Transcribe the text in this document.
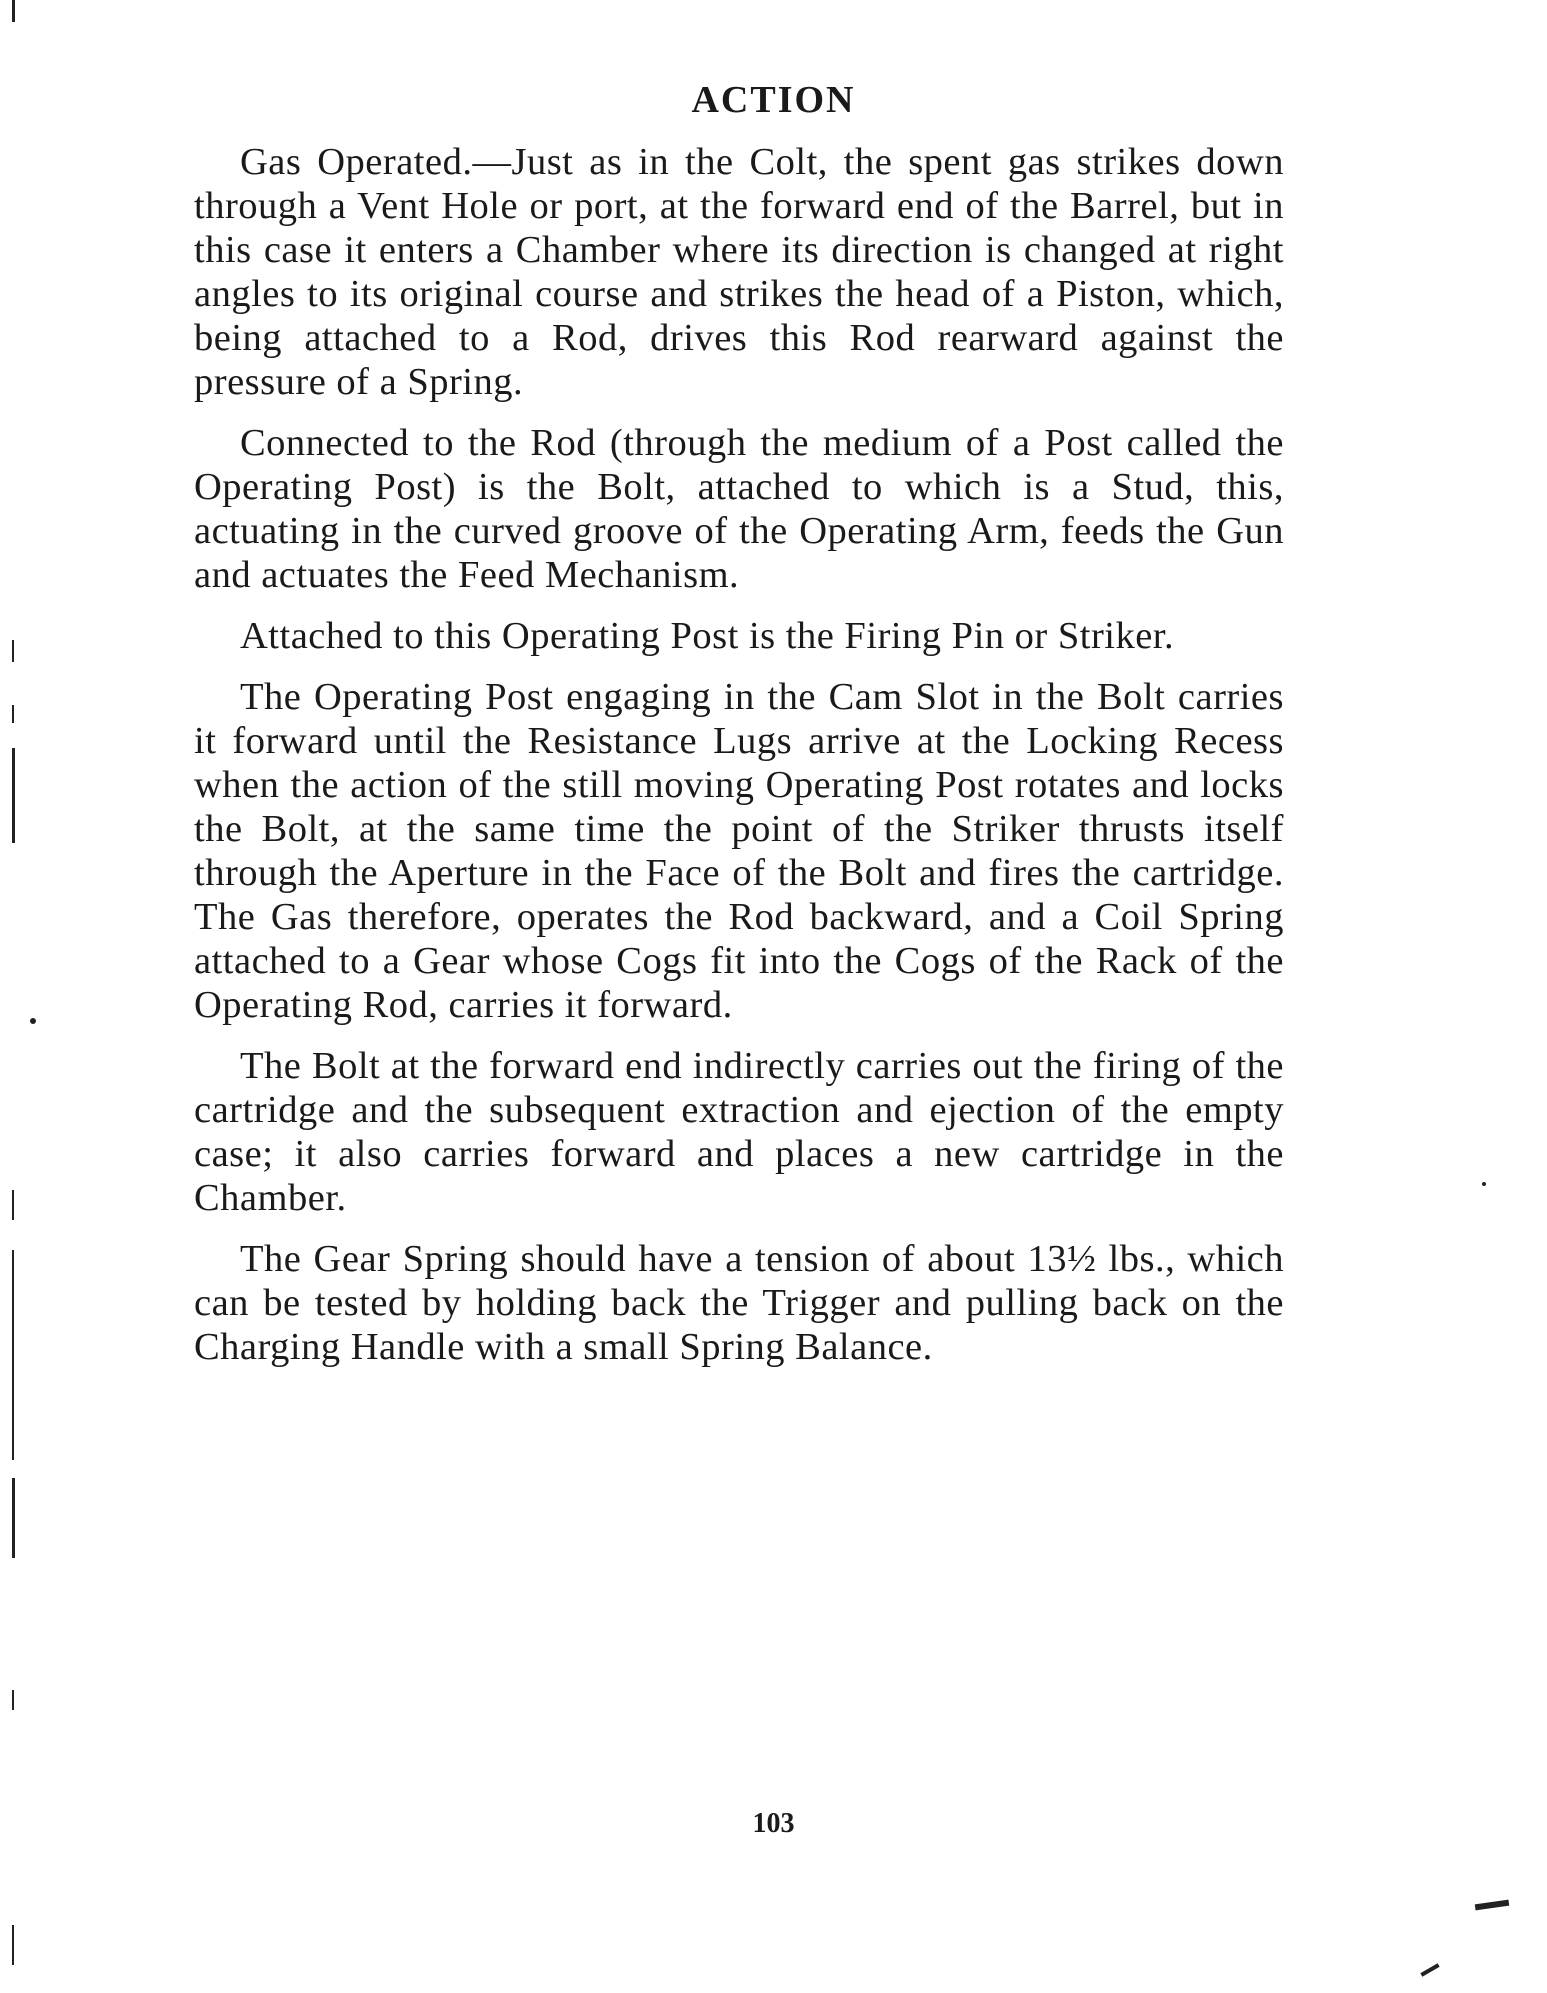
ACTION

Gas Operated.—Just as in the Colt, the spent gas strikes down through a Vent Hole or port, at the forward end of the Barrel, but in this case it enters a Chamber where its direction is changed at right angles to its original course and strikes the head of a Piston, which, being attached to a Rod, drives this Rod rearward against the pressure of a Spring.

Connected to the Rod (through the medium of a Post called the Operating Post) is the Bolt, attached to which is a Stud, this, actuating in the curved groove of the Operating Arm, feeds the Gun and actuates the Feed Mechanism.

Attached to this Operating Post is the Firing Pin or Striker.

The Operating Post engaging in the Cam Slot in the Bolt carries it forward until the Resistance Lugs arrive at the Locking Recess when the action of the still moving Operating Post rotates and locks the Bolt, at the same time the point of the Striker thrusts itself through the Aperture in the Face of the Bolt and fires the cartridge. The Gas therefore, operates the Rod backward, and a Coil Spring attached to a Gear whose Cogs fit into the Cogs of the Rack of the Operating Rod, carries it forward.

The Bolt at the forward end indirectly carries out the firing of the cartridge and the subsequent extraction and ejection of the empty case; it also carries forward and places a new cartridge in the Chamber.

The Gear Spring should have a tension of about 13½ lbs., which can be tested by holding back the Trigger and pulling back on the Charging Handle with a small Spring Balance.

103
